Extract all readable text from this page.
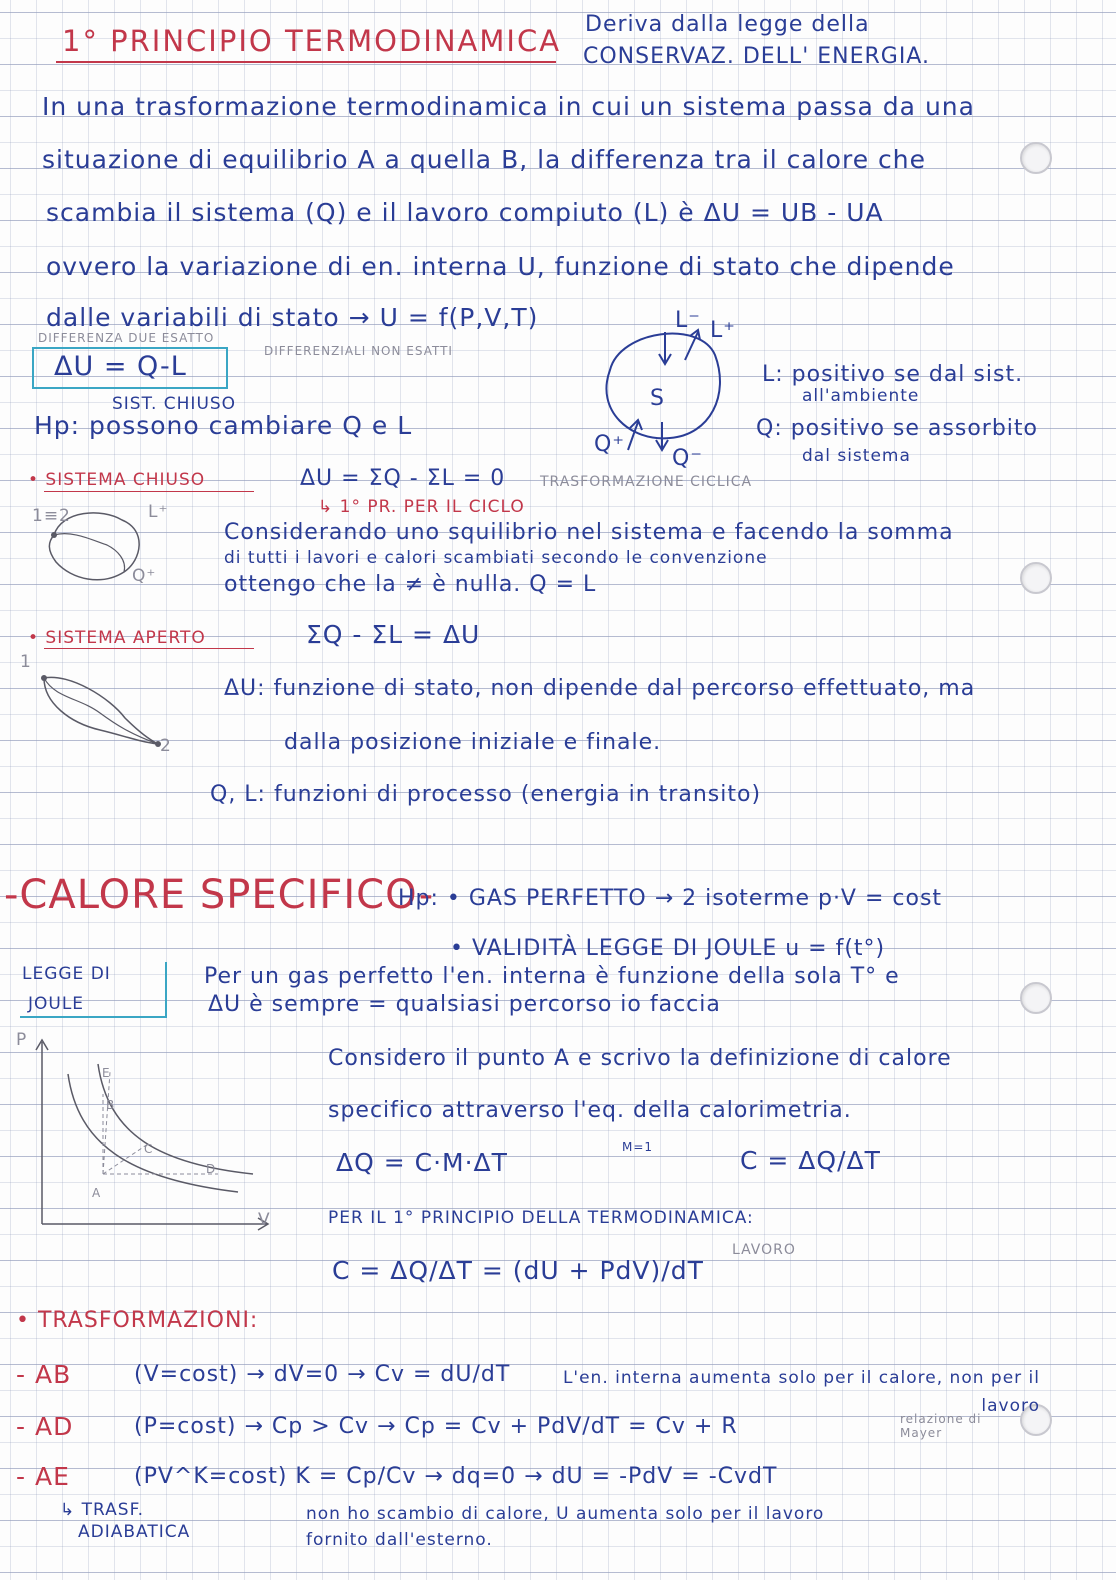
1° PRINCIPIO TERMODINAMICA Deriva dalla legge della
CONSERVAZ. DELL' ENERGIA.
In una trasformazione termodinamica in cui un sistema passa da una
situazione di equilibrio A a quella B, la differenza tra il calore che
scambia il sistema (Q) e il lavoro compiuto (L) è ΔU = UB - UA
ovvero la variazione di en. interna U, funzione di stato che dipende
dalle variabili di stato → U = f(P,V,T)
DIFFERENZA DUE ESATTO
ΔU = Q-L	DIFFERENZIALI NON ESATTI
SIST. CHIUSO
Hp: possono cambiare Q e L
S
L⁻ L⁺
Q⁺
Q⁻
L: positivo se dal sist.
all'ambiente
Q: positivo se assorbito
dal sistema
• SISTEMA CHIUSO	ΔU = ΣQ - ΣL = 0 TRASFORMAZIONE CICLICA
↳ 1° PR. PER IL CICLO
1≡2	L⁺
Q⁺
Considerando uno squilibrio nel sistema e facendo la somma
di tutti i lavori e calori scambiati secondo le convenzione
ottengo che la ≠ è nulla. Q = L
• SISTEMA APERTO	ΣQ - ΣL = ΔU
1
2
ΔU: funzione di stato, non dipende dal percorso effettuato, ma
dalla posizione iniziale e finale.
Q, L: funzioni di processo (energia in transito)
-CALORE SPECIFICO-
Hp: • GAS PERFETTO → 2 isoterme p·V = cost
• VALIDITÀ LEGGE DI JOULE u = f(t°)
LEGGE DI
JOULE
Per un gas perfetto l'en. interna è funzione della sola T° e
ΔU è sempre = qualsiasi percorso io faccia
P
V
A
B
C
D
E
Considero il punto A e scrivo la definizione di calore
specifico attraverso l'eq. della calorimetria.
ΔQ = C·M·ΔT
M=1	C = ΔQ/ΔT
PER IL 1° PRINCIPIO DELLA TERMODINAMICA:
C = ΔQ/ΔT = (dU + PdV)/dT
LAVORO
• TRASFORMAZIONI:
- AB	(V=cost) → dV=0 → Cv = dU/dT	L'en. interna aumenta solo per il calore, non per il lavoro
- AD	(P=cost) → Cp > Cv → Cp = Cv + PdV/dT = Cv + R	relazione di Mayer
- AE	(PV^K=cost) K = Cp/Cv → dq=0 → dU = -PdV = -CvdT
↳ TRASF.
ADIABATICA
non ho scambio di calore, U aumenta solo per il lavoro
fornito dall'esterno.
